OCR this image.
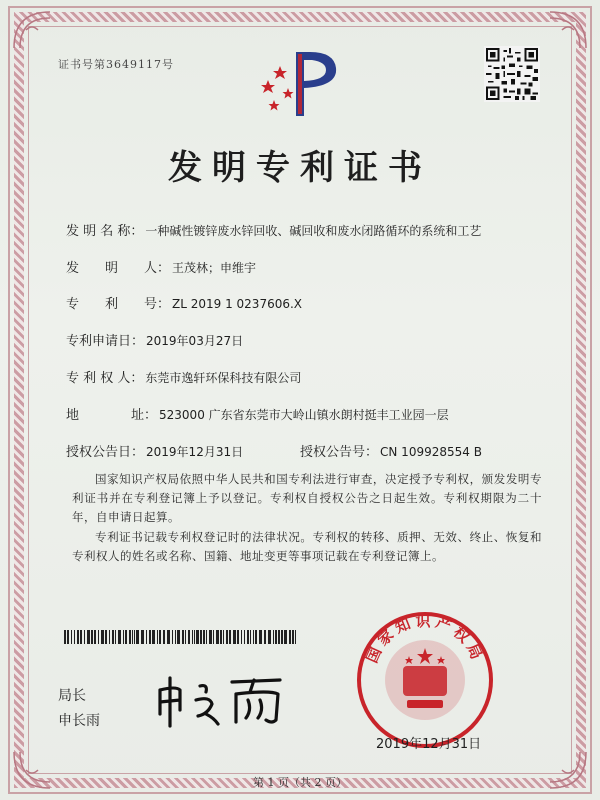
证书号第3649117号
发明专利证书
发 明 名 称： 一种碱性镀锌废水锌回收、碱回收和废水闭路循环的系统和工艺
发　　明　　人： 王茂林；申维宇
专　　利　　号： ZL 2019 1 0237606.X
专利申请日： 2019年03月27日
专 利 权 人： 东莞市逸轩环保科技有限公司
地　　　　址： 523000 广东省东莞市大岭山镇水朗村挺丰工业园一层
授权公告日： 2019年12月31日	授权公告号： CN 109928554 B
国家知识产权局依照中华人民共和国专利法进行审查，决定授予专利权，颁发发明专利证书并在专利登记簿上予以登记。专利权自授权公告之日起生效。专利权期限为二十年，自申请日起算。
专利证书记载专利权登记时的法律状况。专利权的转移、质押、无效、终止、恢复和专利权人的姓名或名称、国籍、地址变更等事项记载在专利登记簿上。
局长
申长雨
国家知识产权局
2019年12月31日
第 1 页（共 2 页）
